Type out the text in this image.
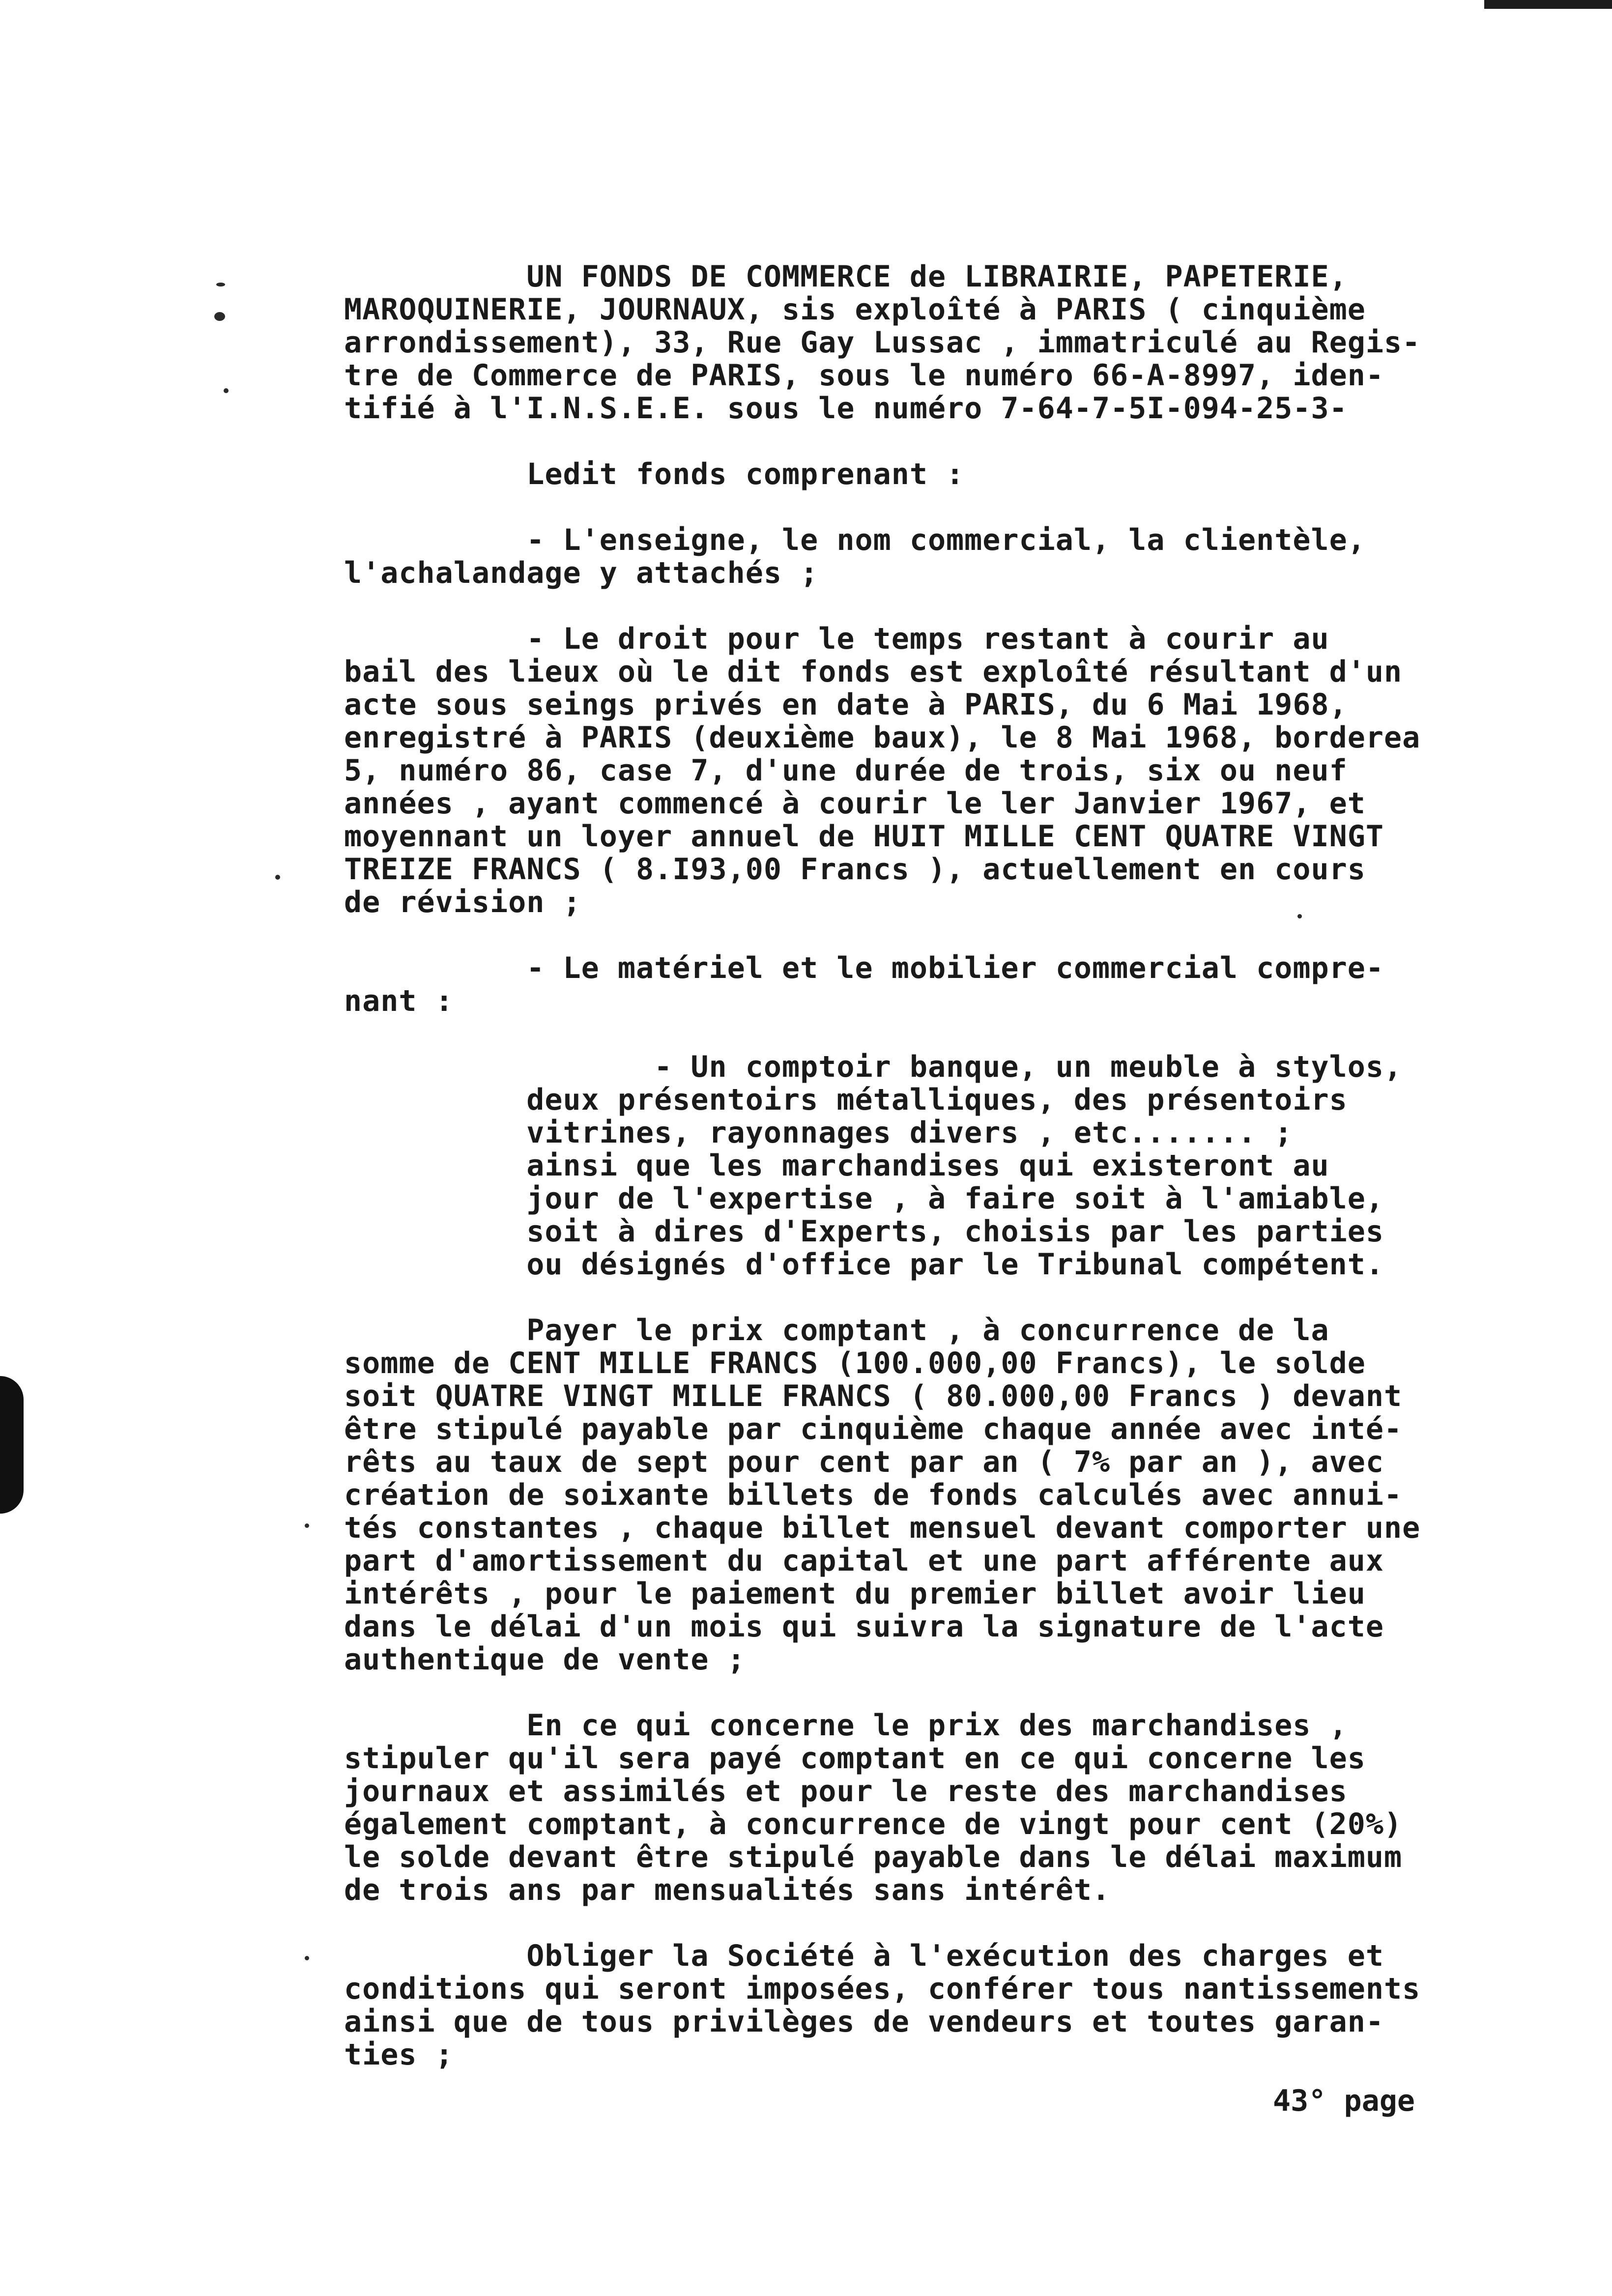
UN FONDS DE COMMERCE de LIBRAIRIE, PAPETERIE,
MAROQUINERIE, JOURNAUX, sis exploîté à PARIS ( cinquième
arrondissement), 33, Rue Gay Lussac , immatriculé au Regis-
tre de Commerce de PARIS, sous le numéro 66-A-8997, iden-
tifié à l'I.N.S.E.E. sous le numéro 7-64-7-5I-094-25-3-
Ledit fonds comprenant :
- L'enseigne, le nom commercial, la clientèle,
l'achalandage y attachés ;
- Le droit pour le temps restant à courir au
bail des lieux où le dit fonds est exploîté résultant d'un
acte sous seings privés en date à PARIS, du 6 Mai 1968,
enregistré à PARIS (deuxième baux), le 8 Mai 1968, borderea
5, numéro 86, case 7, d'une durée de trois, six ou neuf
années , ayant commencé à courir le ler Janvier 1967, et
moyennant un loyer annuel de HUIT MILLE CENT QUATRE VINGT
TREIZE FRANCS ( 8.I93,00 Francs ), actuellement en cours
de révision ;
- Le matériel et le mobilier commercial compre-
nant :
- Un comptoir banque, un meuble à stylos,
deux présentoirs métalliques, des présentoirs
vitrines, rayonnages divers , etc....... ;
ainsi que les marchandises qui existeront au
jour de l'expertise , à faire soit à l'amiable,
soit à dires d'Experts, choisis par les parties
ou désignés d'office par le Tribunal compétent.
Payer le prix comptant , à concurrence de la
somme de CENT MILLE FRANCS (100.000,00 Francs), le solde
soit QUATRE VINGT MILLE FRANCS ( 80.000,00 Francs ) devant
être stipulé payable par cinquième chaque année avec inté-
rêts au taux de sept pour cent par an ( 7% par an ), avec
création de soixante billets de fonds calculés avec annui-
tés constantes , chaque billet mensuel devant comporter une
part d'amortissement du capital et une part afférente aux
intérêts , pour le paiement du premier billet avoir lieu
dans le délai d'un mois qui suivra la signature de l'acte
authentique de vente ;
En ce qui concerne le prix des marchandises ,
stipuler qu'il sera payé comptant en ce qui concerne les
journaux et assimilés et pour le reste des marchandises
également comptant, à concurrence de vingt pour cent (20%)
le solde devant être stipulé payable dans le délai maximum
de trois ans par mensualités sans intérêt.
Obliger la Société à l'exécution des charges et
conditions qui seront imposées, conférer tous nantissements
ainsi que de tous privilèges de vendeurs et toutes garan-
ties ;
43° page
